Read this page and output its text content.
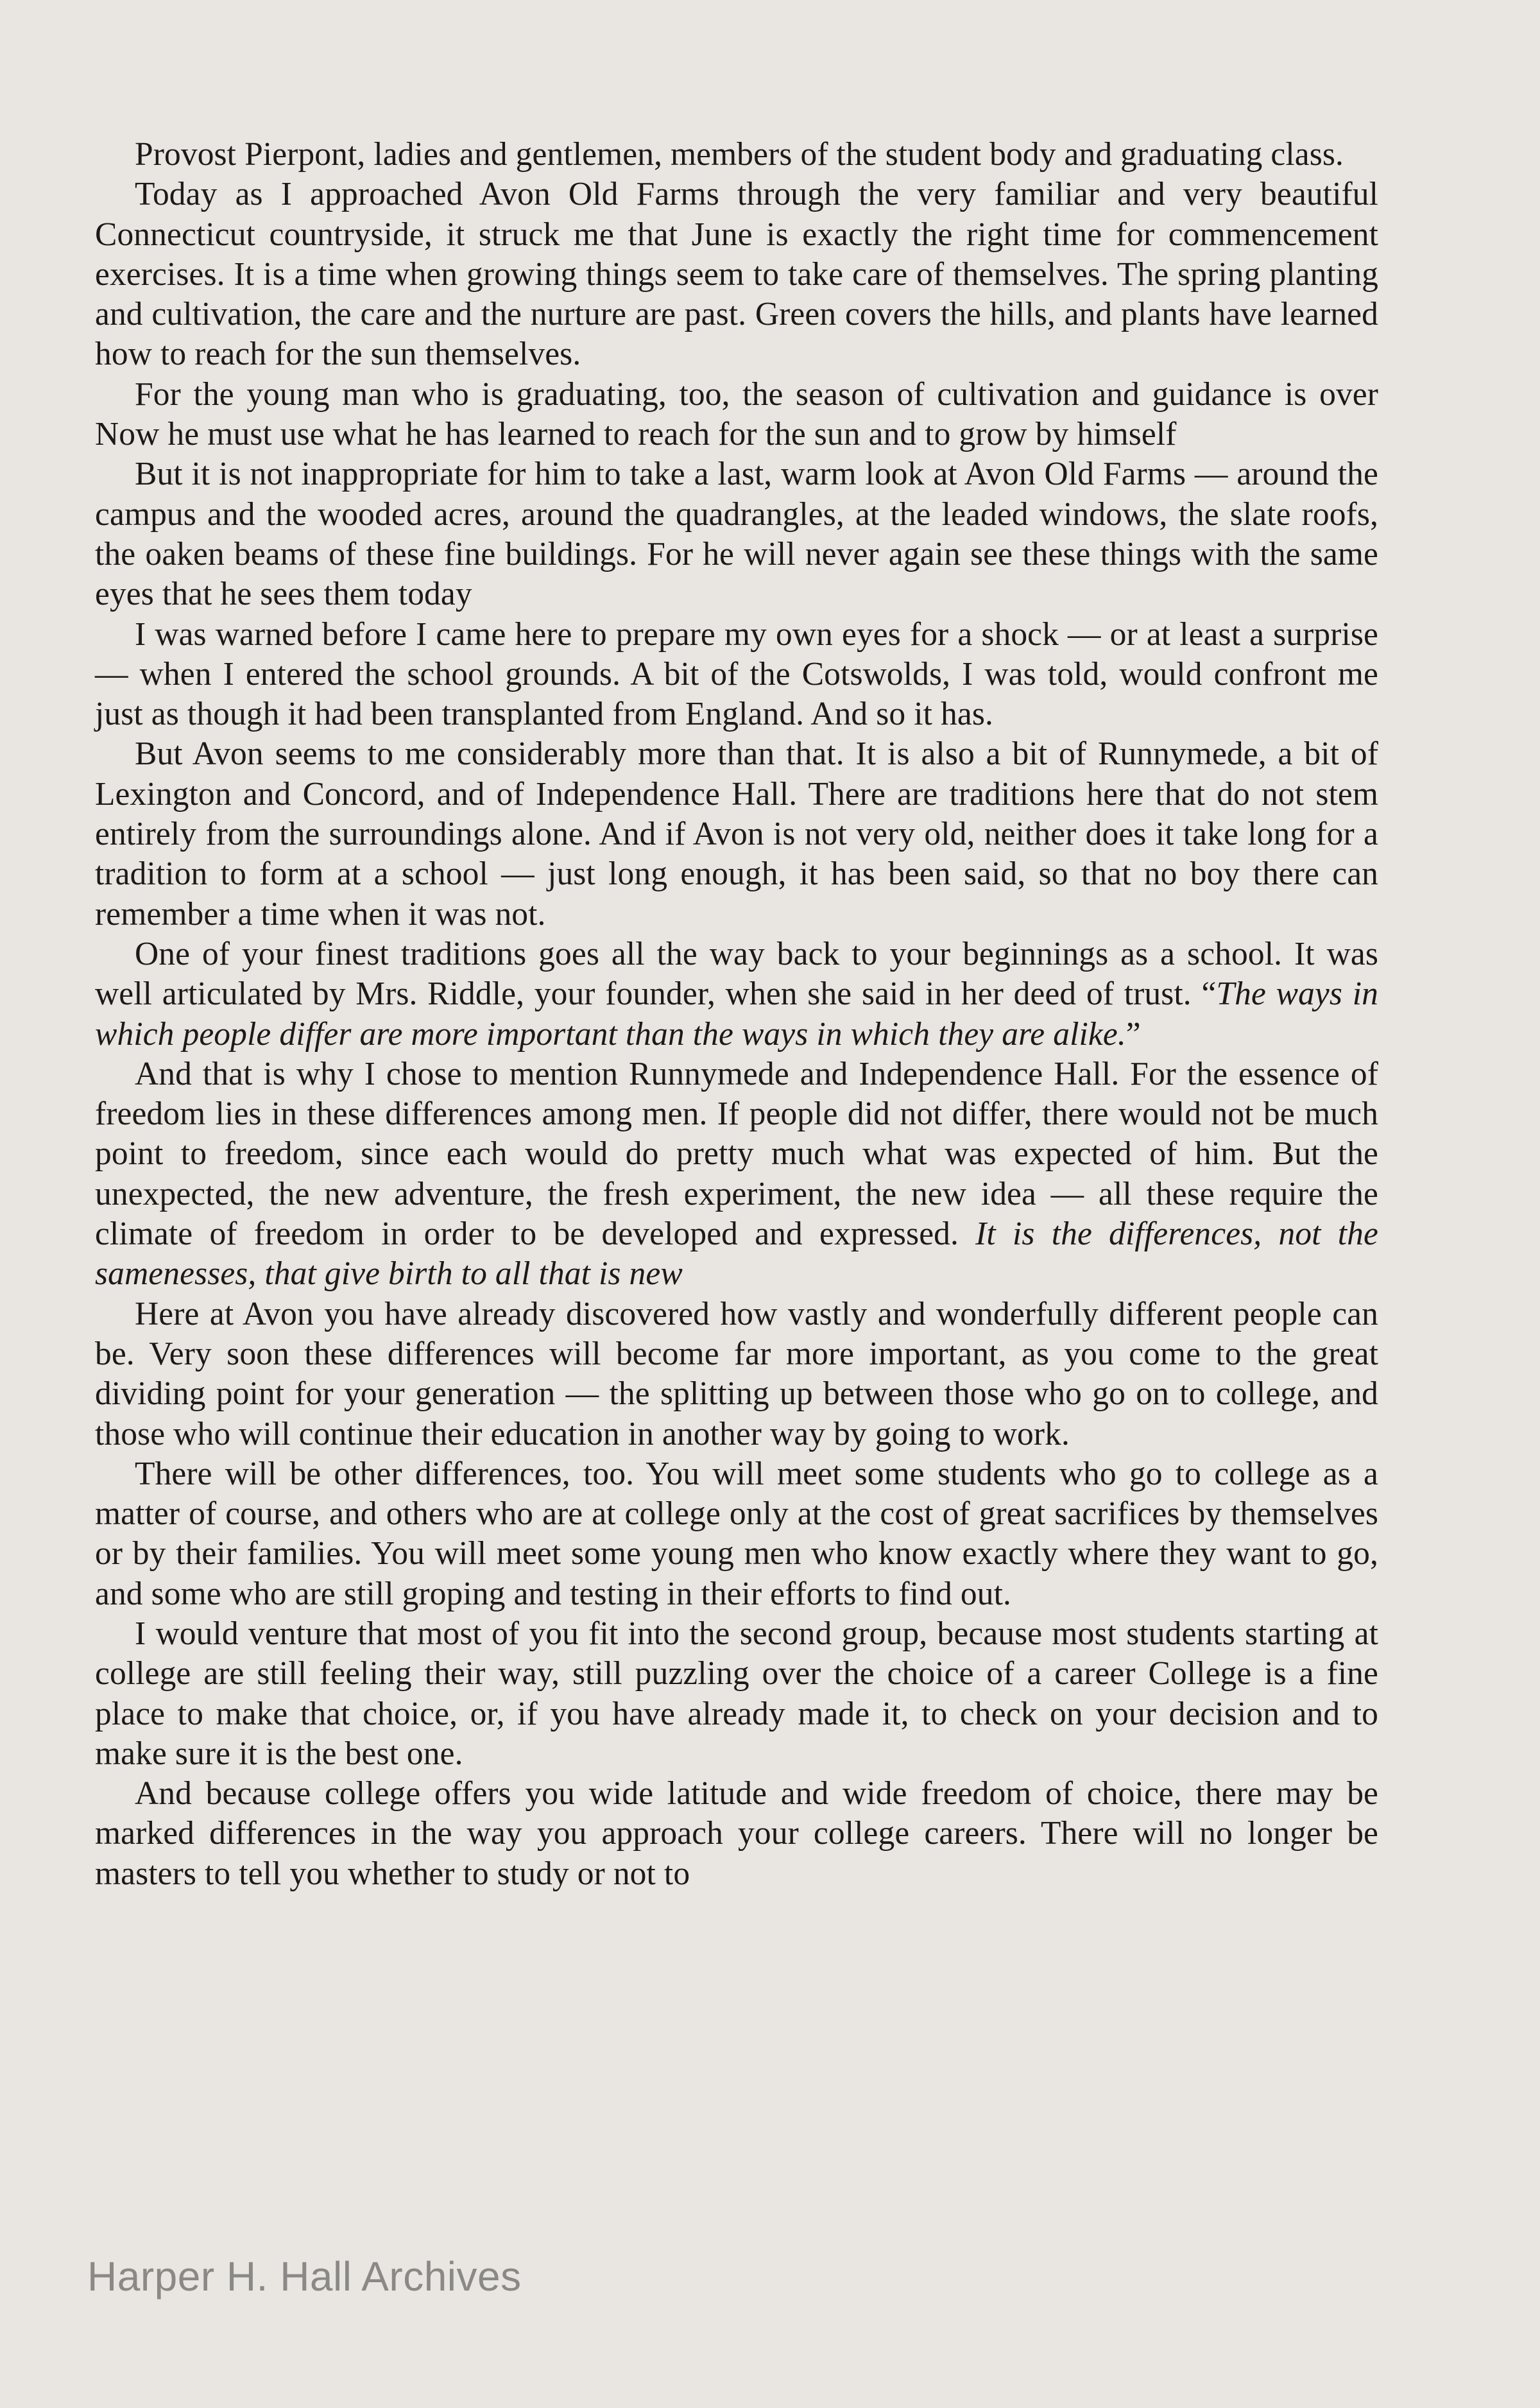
Provost Pierpont, ladies and gentlemen, members of the student body and graduating class.

Today as I approached Avon Old Farms through the very familiar and very beautiful Connecticut countryside, it struck me that June is exactly the right time for commencement exercises. It is a time when growing things seem to take care of themselves. The spring planting and cultivation, the care and the nurture are past. Green covers the hills, and plants have learned how to reach for the sun themselves.

For the young man who is graduating, too, the season of cultivation and guidance is over Now he must use what he has learned to reach for the sun and to grow by himself

But it is not inappropriate for him to take a last, warm look at Avon Old Farms — around the campus and the wooded acres, around the quadrangles, at the leaded windows, the slate roofs, the oaken beams of these fine buildings. For he will never again see these things with the same eyes that he sees them today

I was warned before I came here to prepare my own eyes for a shock — or at least a surprise — when I entered the school grounds. A bit of the Cotswolds, I was told, would confront me just as though it had been transplanted from England. And so it has.

But Avon seems to me considerably more than that. It is also a bit of Runnymede, a bit of Lexington and Concord, and of Independence Hall. There are traditions here that do not stem entirely from the surroundings alone. And if Avon is not very old, neither does it take long for a tradition to form at a school — just long enough, it has been said, so that no boy there can remember a time when it was not.

One of your finest traditions goes all the way back to your beginnings as a school. It was well articulated by Mrs. Riddle, your founder, when she said in her deed of trust. “The ways in which people differ are more important than the ways in which they are alike.”

And that is why I chose to mention Runnymede and Independence Hall. For the essence of freedom lies in these differences among men. If people did not differ, there would not be much point to freedom, since each would do pretty much what was expected of him. But the unexpected, the new adventure, the fresh experiment, the new idea — all these require the climate of freedom in order to be developed and expressed. It is the differences, not the samenesses, that give birth to all that is new

Here at Avon you have already discovered how vastly and wonderfully different people can be. Very soon these differences will become far more important, as you come to the great dividing point for your generation — the splitting up between those who go on to college, and those who will continue their education in another way by going to work.

There will be other differences, too. You will meet some students who go to college as a matter of course, and others who are at college only at the cost of great sacrifices by themselves or by their families. You will meet some young men who know exactly where they want to go, and some who are still groping and testing in their efforts to find out.

I would venture that most of you fit into the second group, because most students starting at college are still feeling their way, still puzzling over the choice of a career College is a fine place to make that choice, or, if you have already made it, to check on your decision and to make sure it is the best one.

And because college offers you wide latitude and wide freedom of choice, there may be marked differences in the way you approach your college careers. There will no longer be masters to tell you whether to study or not to

Harper H. Hall Archives
